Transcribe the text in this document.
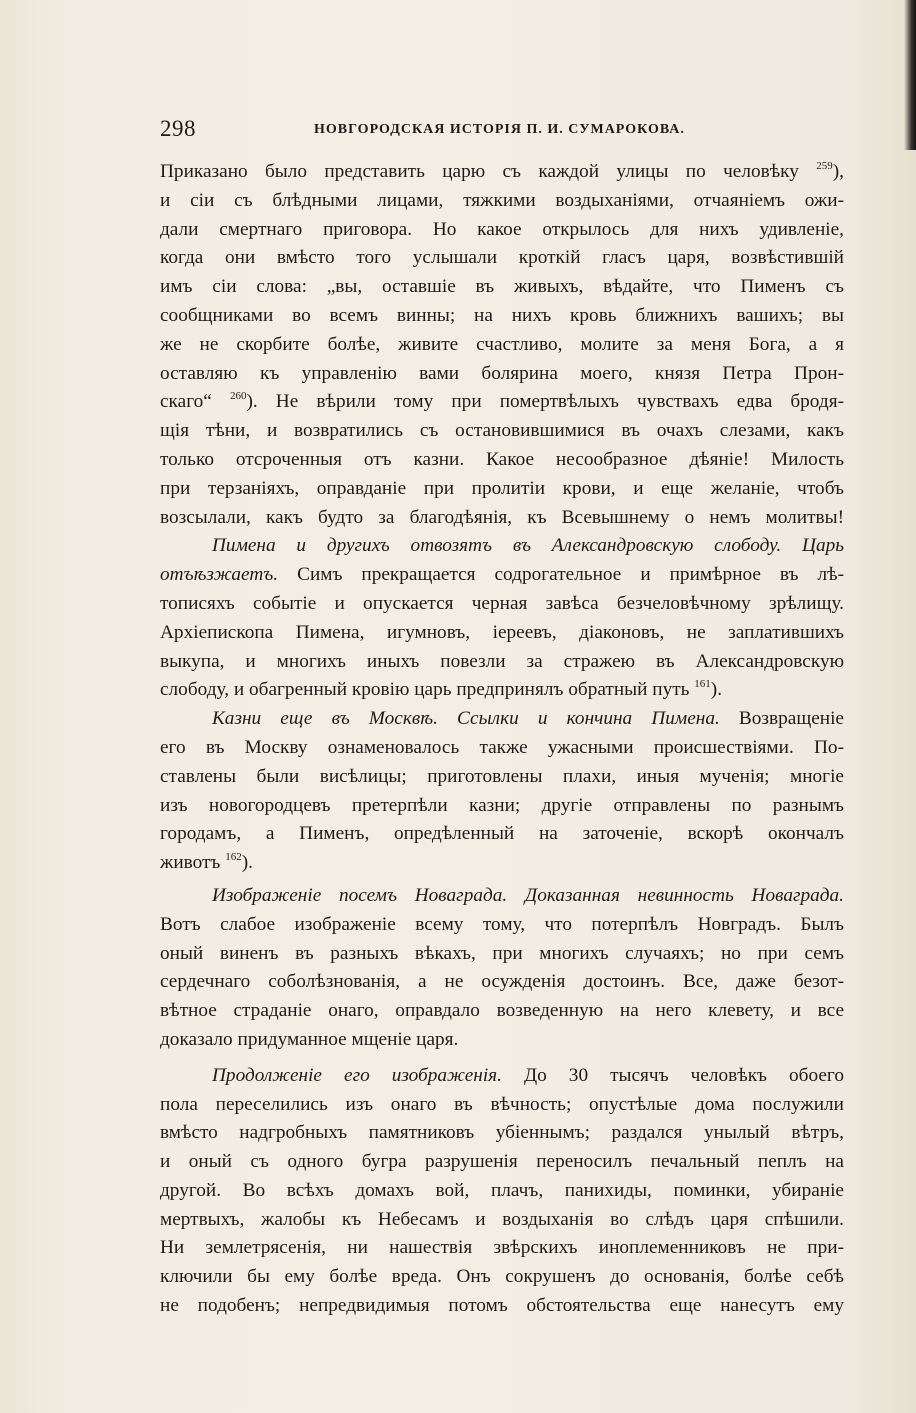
298	НОВГОРОДСКАЯ ИСТОРІЯ П. И. СУМАРОКОВА.

Приказано было представить царю съ каждой улицы по человѣку $^{259}$),

и сіи съ блѣдными лицами, тяжкими воздыханіями, отчаяніемъ ожи-

дали смертнаго приговора. Но какое открылось для нихъ удивленіе,

когда они вмѣсто того услышали кроткій гласъ царя, возвѣстившій

имъ сіи слова: „вы, оставшіе въ живыхъ, вѣдайте, что Пименъ съ

сообщниками во всемъ винны; на нихъ кровь ближнихъ вашихъ; вы

же не скорбите болѣе, живите счастливо, молите за меня Бога, а я

оставляю къ управленію вами болярина моего, князя Петра Прон-

скаго“ $^{260}$). Не вѣрили тому при помертвѣлыхъ чувствахъ едва бродя-

щія тѣни, и возвратились съ остановившимися въ очахъ слезами, какъ

только отсроченныя отъ казни. Какое несообразное дѣяніе! Милость

при терзаніяхъ, оправданіе при пролитіи крови, и еще желаніе, чтобъ

возсылали, какъ будто за благодѣянія, къ Всевышнему о немъ молитвы!

Пимена и другихъ отвозятъ въ Александровскую слободу. Царь

отъѣзжаетъ. Симъ прекращается содрогательное и примѣрное въ лѣ-

тописяхъ событіе и опускается черная завѣса безчеловѣчному зрѣлищу.

Архіепископа Пимена, игумновъ, іереевъ, діаконовъ, не заплатившихъ

выкупа, и многихъ иныхъ повезли за стражею въ Александровскую

слободу, и обагренный кровію царь предпринялъ обратный путь $^{161}$).

Казни еще въ Москвѣ. Ссылки и кончина Пимена. Возвращеніе

его въ Москву ознаменовалось также ужасными происшествіями. По-

ставлены были висѣлицы; приготовлены плахи, иныя мученія; многіе

изъ новогородцевъ претерпѣли казни; другіе отправлены по разнымъ

городамъ, а Пименъ, опредѣленный на заточеніе, вскорѣ окончалъ

животъ $^{162}$).

Изображеніе посемъ Новаграда. Доказанная невинность Новаграда.

Вотъ слабое изображеніе всему тому, что потерпѣлъ Новградъ. Былъ

оный виненъ въ разныхъ вѣкахъ, при многихъ случаяхъ; но при семъ

сердечнаго соболѣзнованія, а не осужденія достоинъ. Все, даже безот-

вѣтное страданіе онаго, оправдало возведенную на него клевету, и все

доказало придуманное мщеніе царя.

Продолженіе его изображенія. До 30 тысячъ человѣкъ обоего

пола переселились изъ онаго въ вѣчность; опустѣлые дома послужили

вмѣсто надгробныхъ памятниковъ убіеннымъ; раздался унылый вѣтръ,

и оный съ одного бугра разрушенія переносилъ печальный пеплъ на

другой. Во всѣхъ домахъ вой, плачъ, панихиды, поминки, убираніе

мертвыхъ, жалобы къ Небесамъ и воздыханія во слѣдъ царя спѣшили.

Ни землетрясенія, ни нашествія звѣрскихъ иноплеменниковъ не при-

ключили бы ему болѣе вреда. Онъ сокрушенъ до основанія, болѣе себѣ

не подобенъ; непредвидимыя потомъ обстоятельства еще нанесутъ ему
